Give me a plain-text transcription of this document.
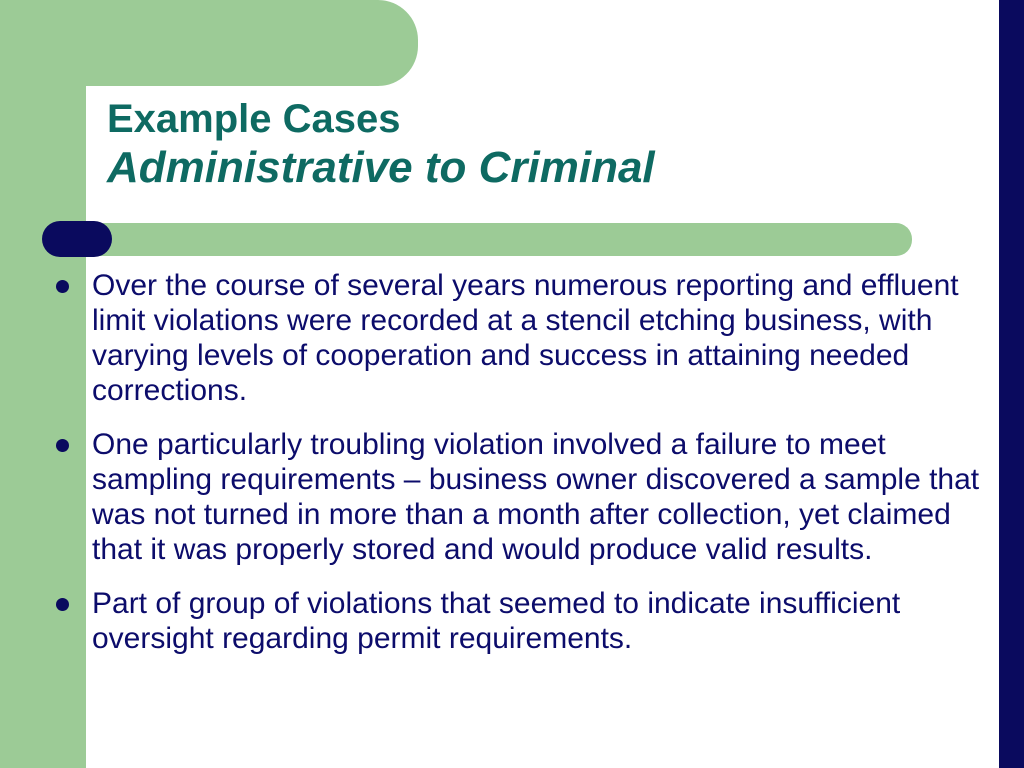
Example Cases
Administrative to Criminal
Over the course of several years numerous reporting and effluent limit violations were recorded at a stencil etching business, with varying levels of cooperation and success in attaining needed corrections.
One particularly troubling violation involved a failure to meet sampling requirements – business owner discovered a sample that was not turned in more than a month after collection, yet claimed that it was properly stored and would produce valid results.
Part of group of violations that seemed to indicate insufficient oversight regarding permit requirements.
